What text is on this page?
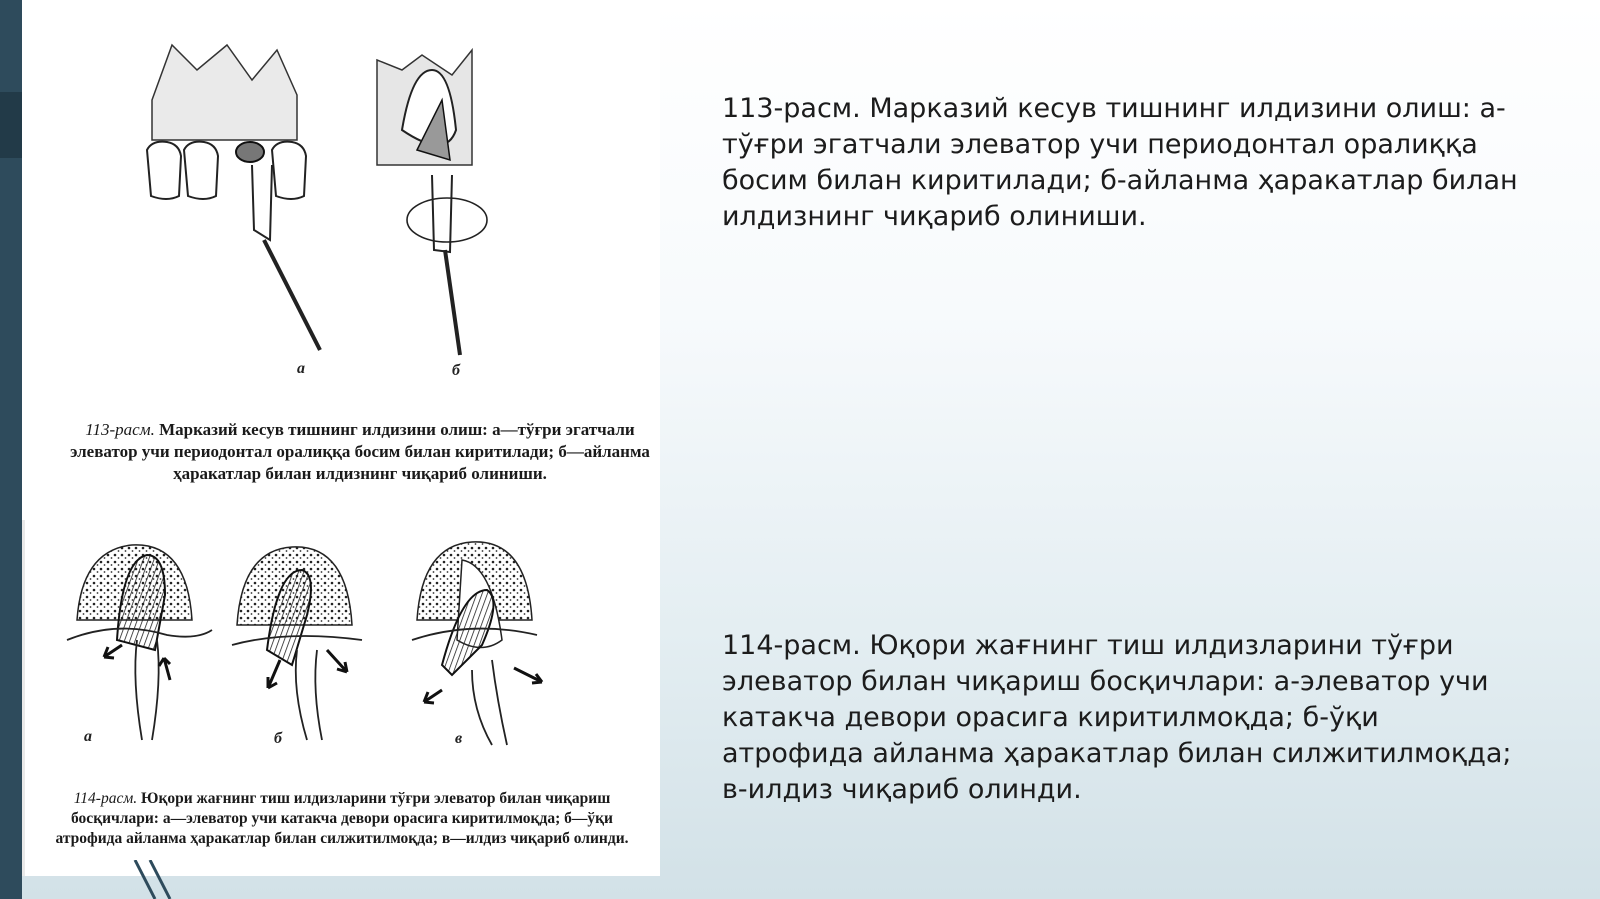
а	б
113-расм. Марказий кесув тишнинг илдизини олиш: а—тўғри эгатчали элеватор учи периодонтал оралиққа босим билан киритилади; б—айланма ҳаракатлар билан илдизнинг чиқариб олиниши.
а	б	в
114-расм. Юқори жағнинг тиш илдизларини тўғри элеватор билан чиқариш босқичлари: а—элеватор учи катакча девори орасига киритилмоқда; б—ўқи атрофида айланма ҳаракатлар билан силжитилмоқда; в—илдиз чиқариб олинди.
113-расм. Марказий кесув тишнинг илдизини олиш: а-тўғри эгатчали элеватор учи периодонтал оралиққа босим билан киритилади; б-айланма ҳаракатлар билан илдизнинг чиқариб олиниши.
114-расм. Юқори жағнинг тиш илдизларини тўғри элеватор билан чиқариш босқичлари: а-элеватор учи катакча девори орасига киритилмоқда; б-ўқи атрофида айланма ҳаракатлар билан силжитилмоқда; в-илдиз чиқариб олинди.
